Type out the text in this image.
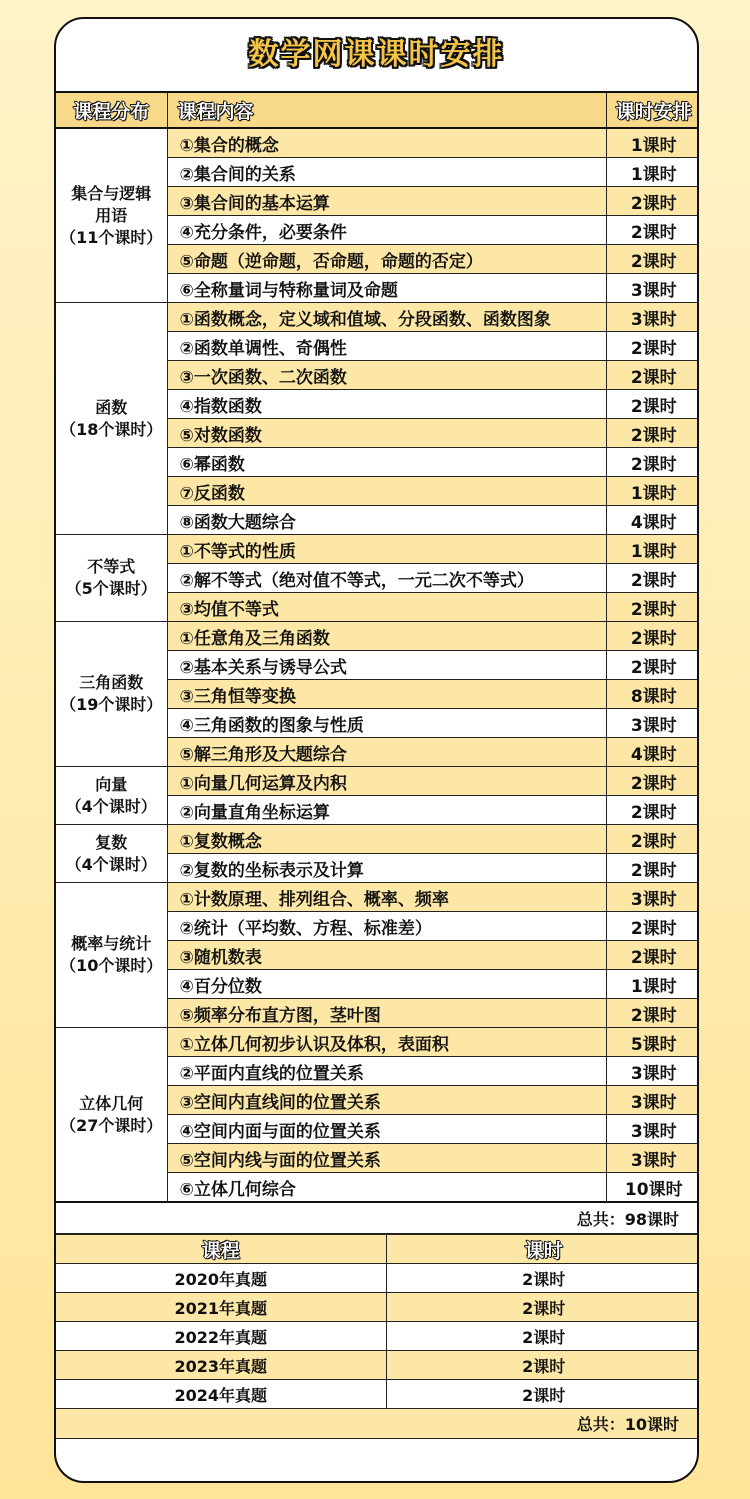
数学网课课时安排
课程分布	课程内容	课时安排
集合与逻辑
用语
（11个课时）	①集合的概念	1课时
	②集合间的关系	1课时
	③集合间的基本运算	2课时
	④充分条件，必要条件	2课时
	⑤命题（逆命题，否命题，命题的否定）	2课时
	⑥全称量词与特称量词及命题	3课时
函数
（18个课时）	①函数概念，定义域和值域、分段函数、函数图象	3课时
	②函数单调性、奇偶性	2课时
	③一次函数、二次函数	2课时
	④指数函数	2课时
	⑤对数函数	2课时
	⑥幂函数	2课时
	⑦反函数	1课时
	⑧函数大题综合	4课时
不等式
（5个课时）	①不等式的性质	1课时
	②解不等式（绝对值不等式，一元二次不等式）	2课时
	③均值不等式	2课时
三角函数
（19个课时）	①任意角及三角函数	2课时
	②基本关系与诱导公式	2课时
	③三角恒等变换	8课时
	④三角函数的图象与性质	3课时
	⑤解三角形及大题综合	4课时
向量
（4个课时）	①向量几何运算及内积	2课时
	②向量直角坐标运算	2课时
复数
（4个课时）	①复数概念	2课时
	②复数的坐标表示及计算	2课时
概率与统计
（10个课时）	①计数原理、排列组合、概率、频率	3课时
	②统计（平均数、方程、标准差）	2课时
	③随机数表	2课时
	④百分位数	1课时
	⑤频率分布直方图，茎叶图	2课时
立体几何
（27个课时）	①立体几何初步认识及体积，表面积	5课时
	②平面内直线的位置关系	3课时
	③空间内直线间的位置关系	3课时
	④空间内面与面的位置关系	3课时
	⑤空间内线与面的位置关系	3课时
	⑥立体几何综合	10课时
总共：98课时		
课程	课时
2020年真题	2课时
2021年真题	2课时
2022年真题	2课时
2023年真题	2课时
2024年真题	2课时
总共：10课时	
